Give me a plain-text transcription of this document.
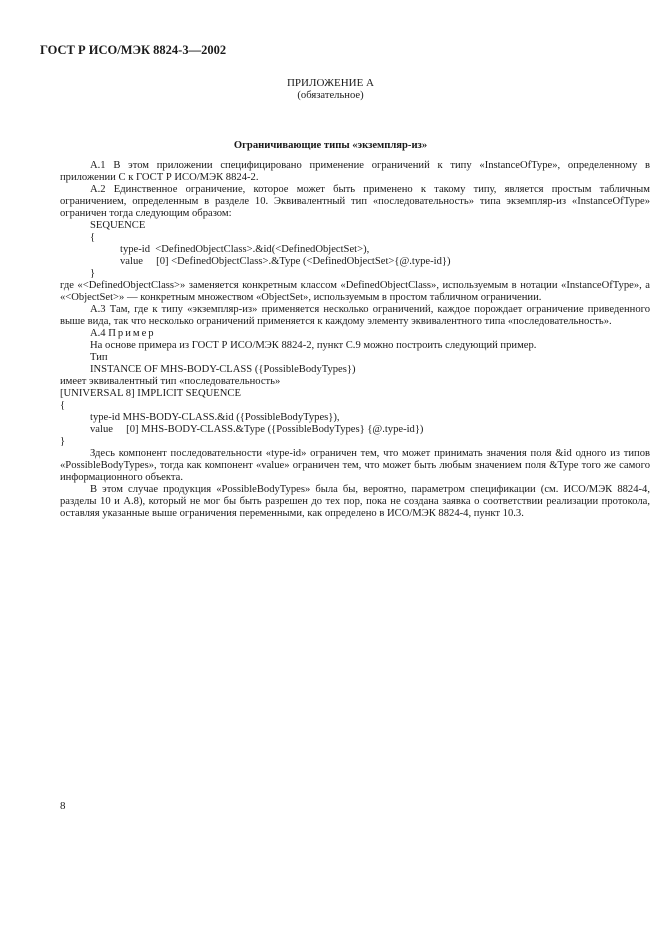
ГОСТ Р ИСО/МЭК 8824-3—2002
ПРИЛОЖЕНИЕ А
(обязательное)
Ограничивающие типы «экземпляр-из»

А.1 В этом приложении специфицировано применение ограничений к типу «InstanceOfType», определенному в приложении С к ГОСТ Р ИСО/МЭК 8824-2.

А.2 Единственное ограничение, которое может быть применено к такому типу, является простым табличным ограничением, определенным в разделе 10. Эквивалентный тип «последовательность» типа экземпляр-из «InstanceOfType» ограничен тогда следующим образом:

SEQUENCE

{

type-id  <DefinedObjectClass>.&id(<DefinedObjectSet>),

value     [0] <DefinedObjectClass>.&Type (<DefinedObjectSet>{@.type-id})

}

где «<DefinedObjectClass>» заменяется конкретным классом «DefinedObjectClass», используемым в нотации «InstanceOfType», а «<ObjectSet>» — конкретным множеством «ObjectSet», используемым в простом табличном ограничении.

А.3 Там, где к типу «экземпляр-из» применяется несколько ограничений, каждое порождает ограничение приведенного выше вида, так что несколько ограничений применяется к каждому элементу эквивалентного типа «последовательность».

А.4 Пример

На основе примера из ГОСТ Р ИСО/МЭК 8824-2, пункт С.9 можно построить следующий пример.

Тип

INSTANCE OF MHS-BODY-CLASS ({PossibleBodyTypes})

имеет эквивалентный тип «последовательность»

[UNIVERSAL 8] IMPLICIT SEQUENCE

{

type-id MHS-BODY-CLASS.&id ({PossibleBodyTypes}),

value     [0] MHS-BODY-CLASS.&Type ({PossibleBodyTypes} {@.type-id})

}

Здесь компонент последовательности «type-id» ограничен тем, что может принимать значения поля &id одного из типов «PossibleBodyTypes», тогда как компонент «value» ограничен тем, что может быть любым значением поля &Type того же самого информационного объекта.

В этом случае продукция «PossibleBodyTypes» была бы, вероятно, параметром спецификации (см. ИСО/МЭК 8824-4, разделы 10 и А.8), который не мог бы быть разрешен до тех пор, пока не создана заявка о соответствии реализации протокола, оставляя указанные выше ограничения переменными, как определено в ИСО/МЭК 8824-4, пункт 10.3.

8
